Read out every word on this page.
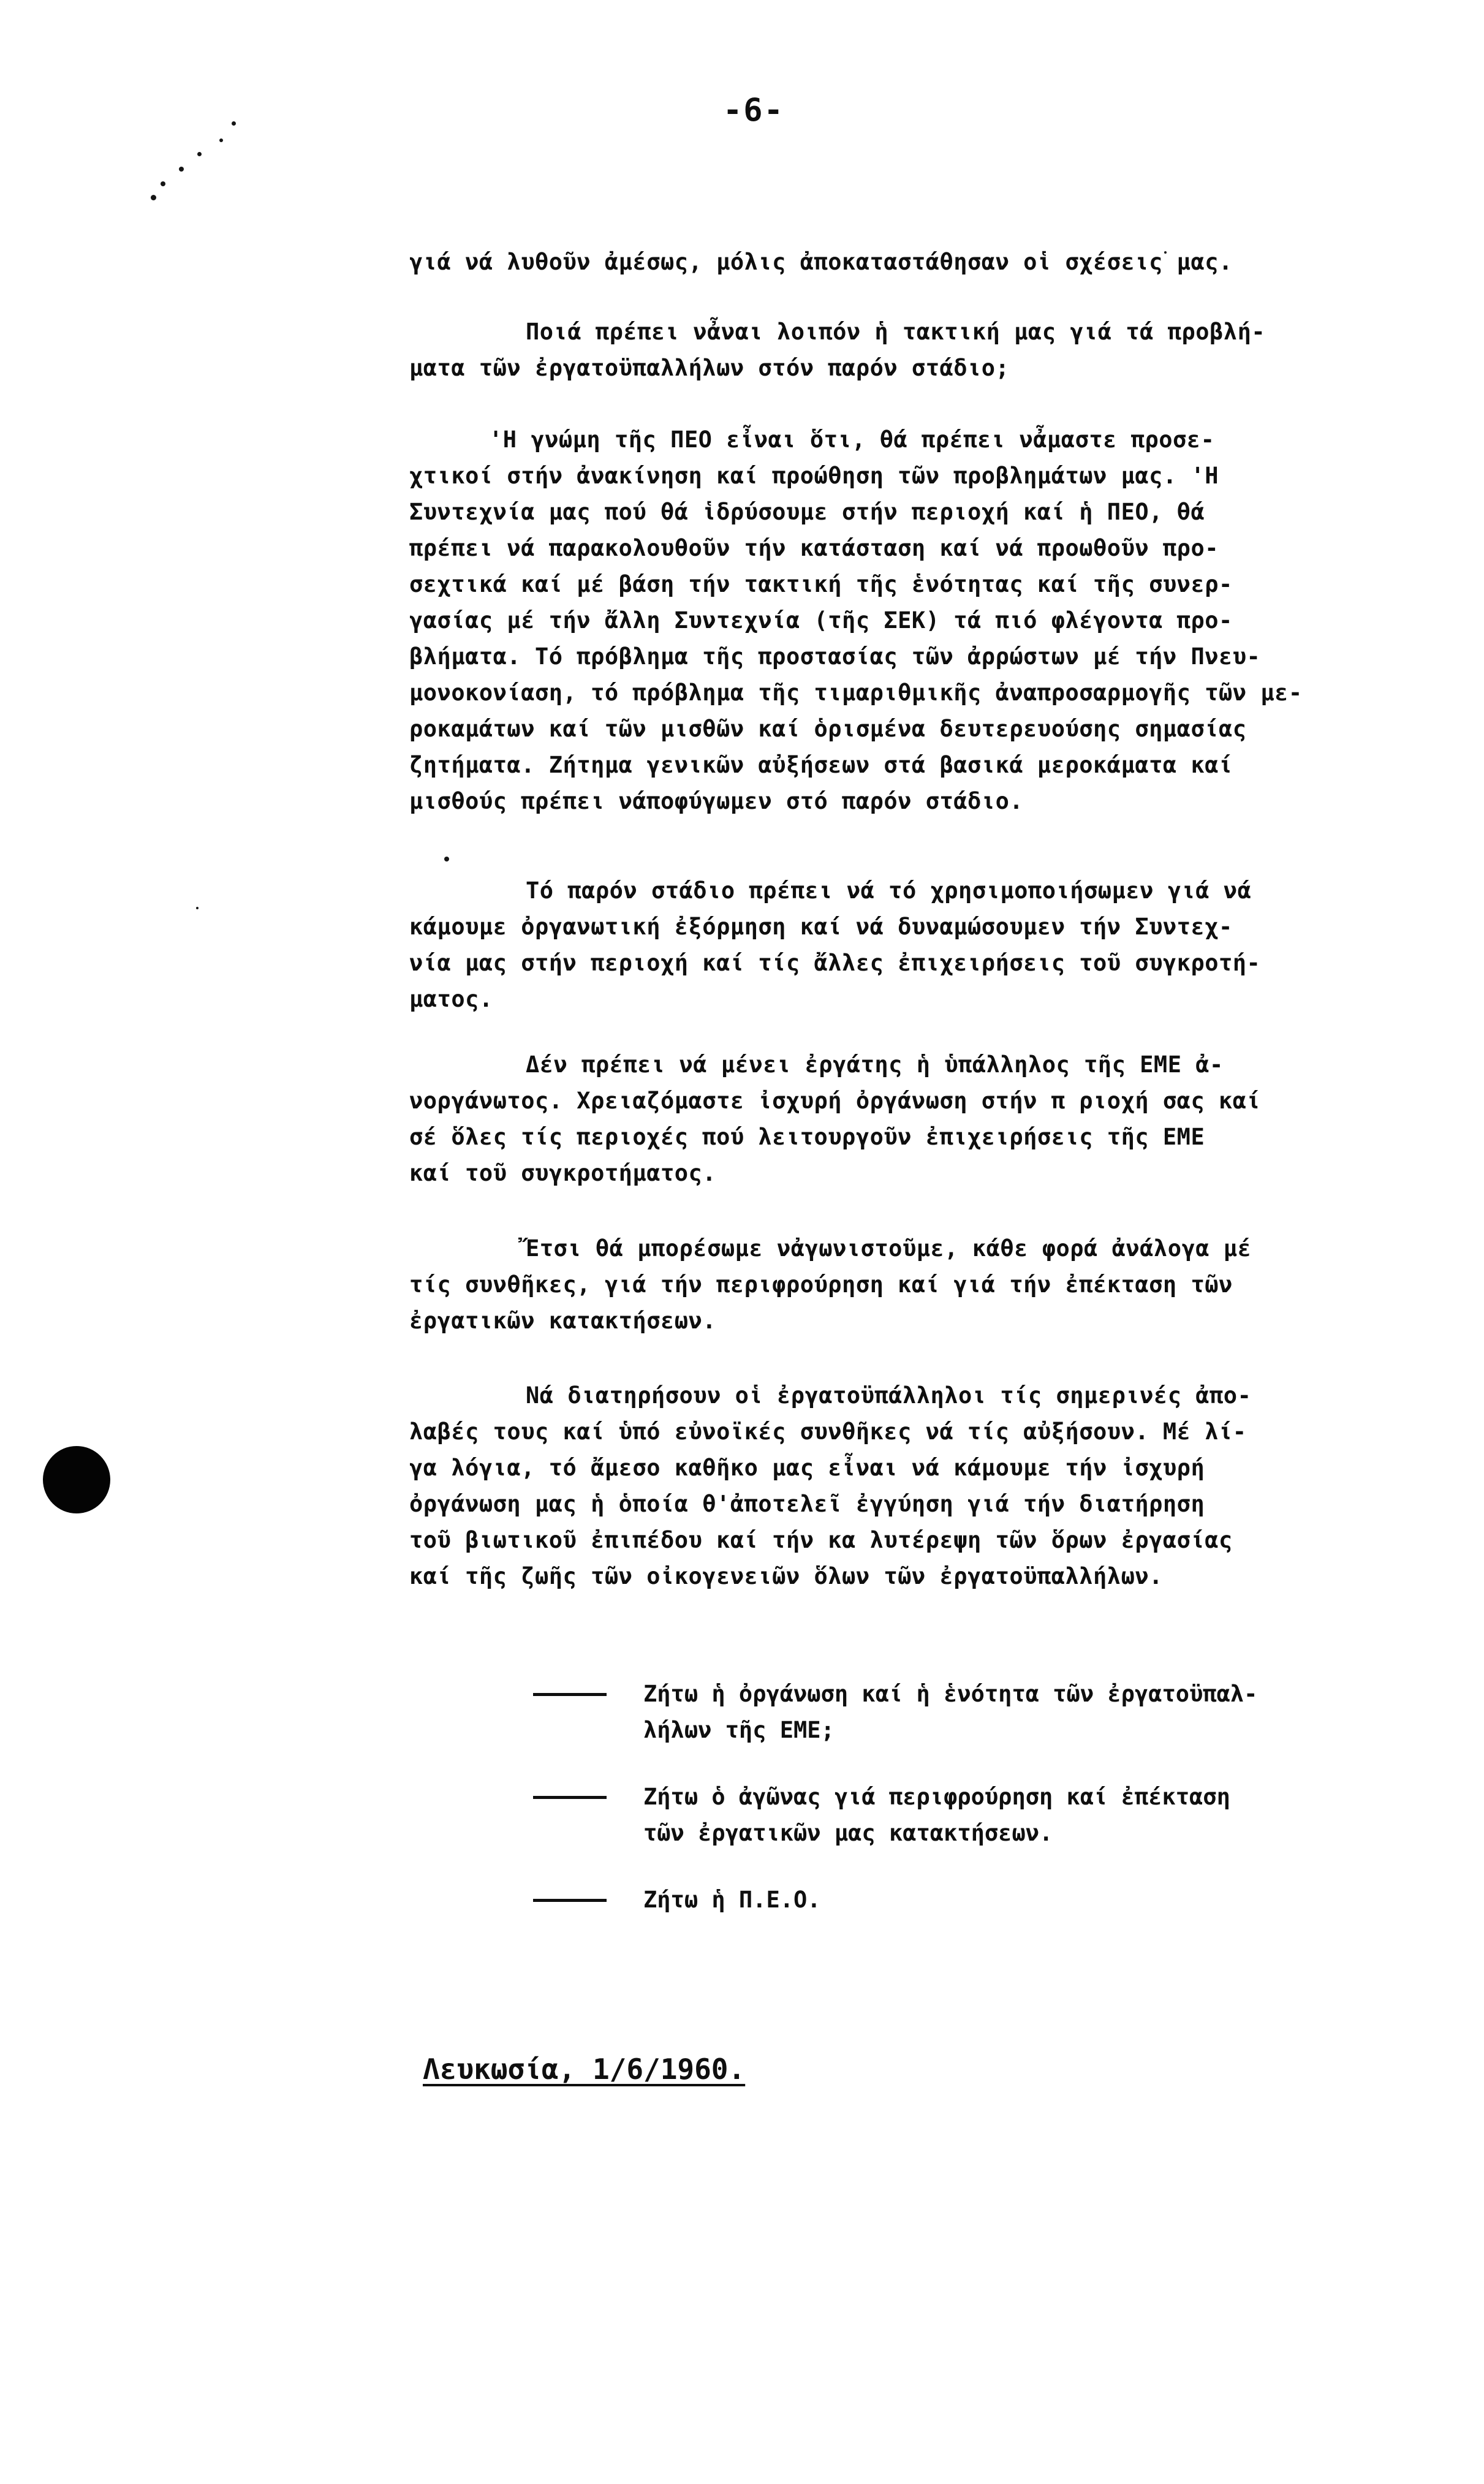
-6-
γιά νά λυθοῦν ἀμέσως, μόλις ἀποκαταστάθησαν οἱ σχέσεις μας.
Ποιά πρέπει νἆναι λοιπόν ἡ τακτική μας γιά τά προβλή-
ματα τῶν ἐργατοϋπαλλήλων στόν παρόν στάδιο;
'Η γνώμη τῆς ΠΕΟ εἶναι ὅτι, θά πρέπει νἆμαστε προσε-
χτικοί στήν ἀνακίνηση καί προώθηση τῶν προβλημάτων μας. 'Η
Συντεχνία μας πού θά ἱδρύσουμε στήν περιοχή καί ἡ ΠΕΟ, θά
πρέπει νά παρακολουθοῦν τήν κατάσταση καί νά προωθοῦν προ-
σεχτικά καί μέ βάση τήν τακτική τῆς ἑνότητας καί τῆς συνερ-
γασίας μέ τήν ἄλλη Συντεχνία (τῆς ΣΕΚ) τά πιό φλέγοντα προ-
βλήματα. Τό πρόβλημα τῆς προστασίας τῶν ἀρρώστων μέ τήν Πνευ-
μονοκονίαση, τό πρόβλημα τῆς τιμαριθμικῆς ἀναπροσαρμογῆς τῶν με-
ροκαμάτων καί τῶν μισθῶν καί ὁρισμένα δευτερευούσης σημασίας
ζητήματα. Ζήτημα γενικῶν αὐξήσεων στά βασικά μεροκάματα καί
μισθούς πρέπει νάποφύγωμεν στό παρόν στάδιο.
Τό παρόν στάδιο πρέπει νά τό χρησιμοποιήσωμεν γιά νά
κάμουμε ὀργανωτική ἐξόρμηση καί νά δυναμώσουμεν τήν Συντεχ-
νία μας στήν περιοχή καί τίς ἄλλες ἐπιχειρήσεις τοῦ συγκροτή-
ματος.
Δέν πρέπει νά μένει ἐργάτης ἡ ὑπάλληλος τῆς ΕΜΕ ἀ-
νοργάνωτος. Χρειαζόμαστε ἰσχυρή ὀργάνωση στήν π ριοχή σας καί
σέ ὅλες τίς περιοχές πού λειτουργοῦν ἐπιχειρήσεις τῆς ΕΜΕ
καί τοῦ συγκροτήματος.
Ἔτσι θά μπορέσωμε νἀγωνιστοῦμε, κάθε φορά ἀνάλογα μέ
τίς συνθῆκες, γιά τήν περιφρούρηση καί γιά τήν ἐπέκταση τῶν
ἐργατικῶν κατακτήσεων.
Νά διατηρήσουν οἱ ἐργατοϋπάλληλοι τίς σημερινές ἀπο-
λαβές τους καί ὑπό εὐνοϊκές συνθῆκες νά τίς αὐξήσουν. Μέ λί-
γα λόγια, τό ἄμεσο καθῆκο μας εἶναι νά κάμουμε τήν ἰσχυρή
ὀργάνωση μας ἡ ὁποία θ'ἀποτελεῖ ἐγγύηση γιά τήν διατήρηση
τοῦ βιωτικοῦ ἐπιπέδου καί τήν κα λυτέρεψη τῶν ὅρων ἐργασίας
καί τῆς ζωῆς τῶν οἰκογενειῶν ὅλων τῶν ἐργατοϋπαλλήλων.
Ζήτω ἡ ὀργάνωση καί ἡ ἑνότητα τῶν ἐργατοϋπαλ-
λήλων τῆς ΕΜΕ;
Ζήτω ὁ ἀγῶνας γιά περιφρούρηση καί ἐπέκταση
τῶν ἐργατικῶν μας κατακτήσεων.
Ζήτω ἡ Π.Ε.Ο.
Λευκωσία, 1/6/1960.
